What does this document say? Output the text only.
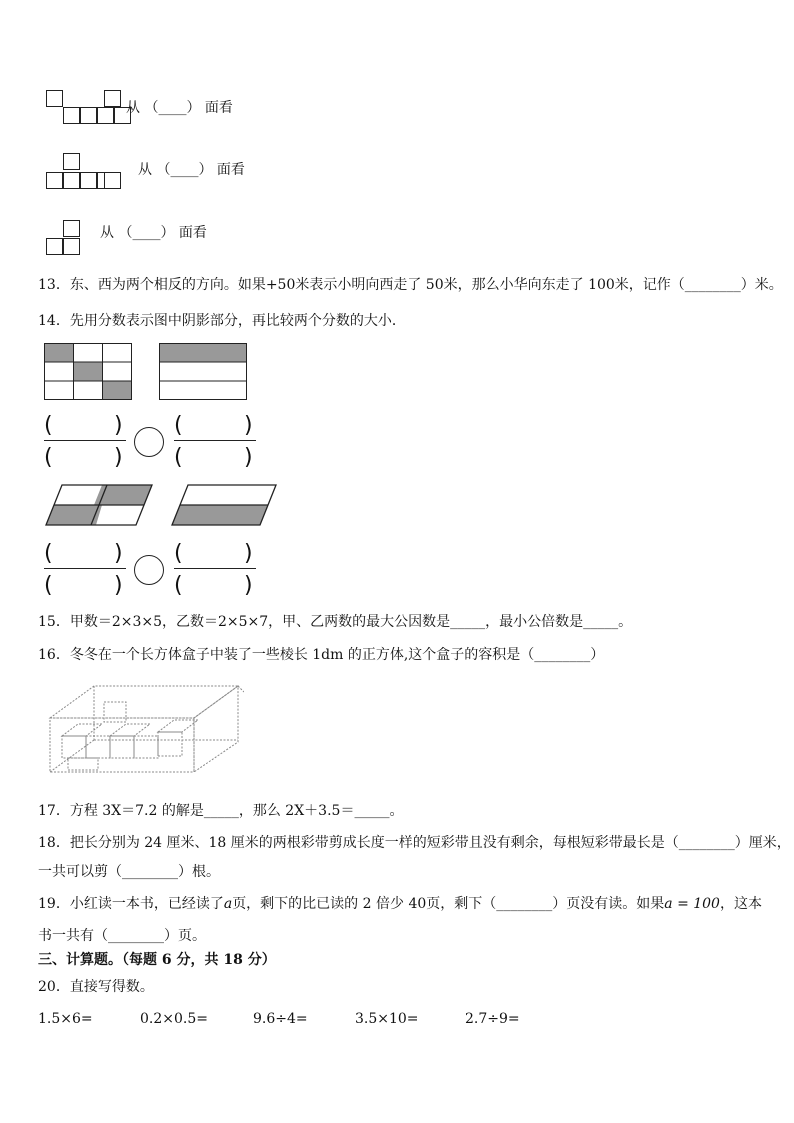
从 （____） 面看
从 （____） 面看
从 （____） 面看
13．东、西为两个相反的方向。如果+50米表示小明向西走了 50米，那么小华向东走了 100米，记作（________）米。
14．先用分数表示图中阴影部分，再比较两个分数的大小．
(	)
(	)
(	)
(	)
(	)
(	)
(	)
(	)
15．甲数＝2×3×5，乙数＝2×5×7，甲、乙两数的最大公因数是_____，最小公倍数是_____。
16．冬冬在一个长方体盒子中装了一些棱长 1dm 的正方体,这个盒子的容积是（________）
17．方程 3X＝7.2 的解是_____，那么 2X＋3.5＝_____。
18．把长分别为 24 厘米、18 厘米的两根彩带剪成长度一样的短彩带且没有剩余，每根短彩带最长是（________）厘米，
一共可以剪（________）根。
19．小红读一本书，已经读了a页，剩下的比已读的 2 倍少 40页，剩下（________）页没有读。如果a = 100，这本
书一共有（________）页。
三、计算题。（每题 6 分，共 18 分）
20．直接写得数。
1.5×6=	0.2×0.5=	9.6÷4=	3.5×10=	2.7÷9=
